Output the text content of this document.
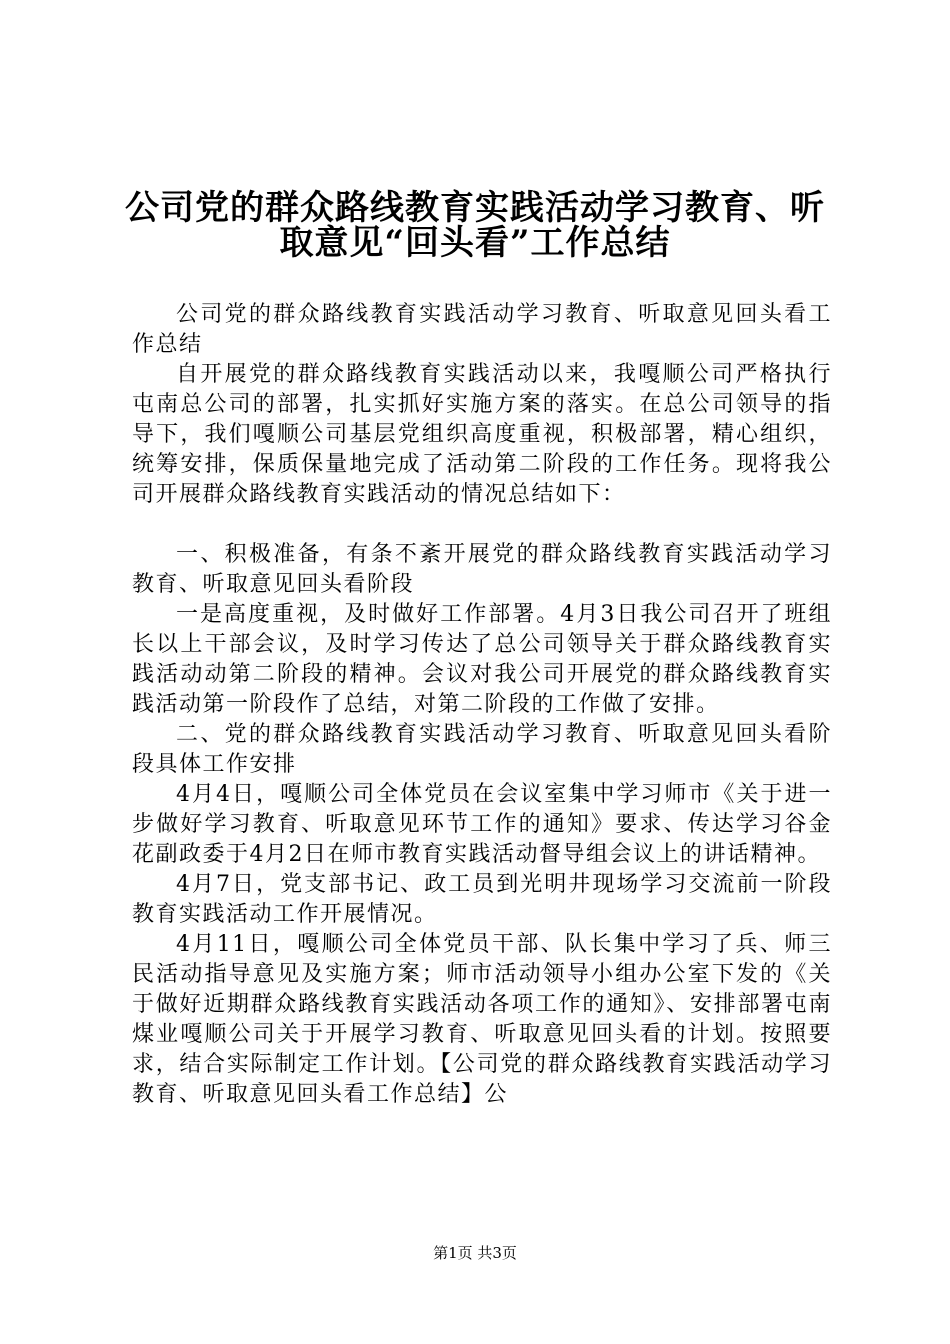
公司党的群众路线教育实践活动学习教育、听
取意见“回头看”工作总结

公司党的群众路线教育实践活动学习教育、听取意见回头看工作总结

自开展党的群众路线教育实践活动以来，我嘎顺公司严格执行屯南总公司的部署，扎实抓好实施方案的落实。在总公司领导的指导下，我们嘎顺公司基层党组织高度重视，积极部署，精心组织，统筹安排，保质保量地完成了活动第二阶段的工作任务。现将我公司开展群众路线教育实践活动的情况总结如下：

一、积极准备，有条不紊开展党的群众路线教育实践活动学习教育、听取意见回头看阶段

一是高度重视，及时做好工作部署。4月3日我公司召开了班组长以上干部会议，及时学习传达了总公司领导关于群众路线教育实践活动动第二阶段的精神。会议对我公司开展党的群众路线教育实践活动第一阶段作了总结，对第二阶段的工作做了安排。

二、党的群众路线教育实践活动学习教育、听取意见回头看阶段具体工作安排

4月4日，嘎顺公司全体党员在会议室集中学习师市《关于进一步做好学习教育、听取意见环节工作的通知》要求、传达学习谷金花副政委于4月2日在师市教育实践活动督导组会议上的讲话精神。

4月7日，党支部书记、政工员到光明井现场学习交流前一阶段教育实践活动工作开展情况。

4月11日，嘎顺公司全体党员干部、队长集中学习了兵、师三民活动指导意见及实施方案；师市活动领导小组办公室下发的《关于做好近期群众路线教育实践活动各项工作的通知》、安排部署屯南煤业嘎顺公司关于开展学习教育、听取意见回头看的计划。按照要求，结合实际制定工作计划。【公司党的群众路线教育实践活动学习教育、听取意见回头看工作总结】公

第1页 共3页
